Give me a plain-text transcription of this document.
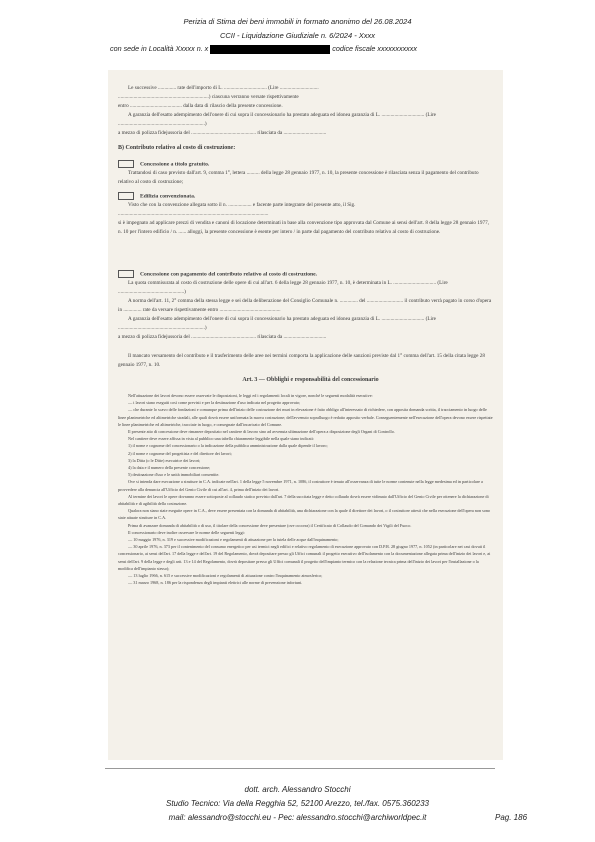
Perizia di Stima dei beni immobili in formato anonimo del 26.08.2024
CCII - Liquidazione Giudiziale n. 6/2024 - Xxxx
con sede in Località Xxxxx n. x	codice fiscale xxxxxxxxxxx

Le successive .............. rate dell'importo di L. ................................. (Lire ..............................

......................................................................) ciascuna verranno versate rispettivamente

entro ........................................ dalla data di rilascio della presente concessione.

A garanzia dell'esatto adempimento dell'onere di cui sopra il concessionario ha prestato adeguata ed idonea garanzia di L. ................................. (Lire ...................................................................)

a mezzo di polizza fidejussoria del .................................................. rilasciata da .................................

B) Contributo relativo al costo di costruzione:

Concessione a titolo gratuito.

Trattandosi di caso previsto dall'art. 9, comma 1°, lettera .......... della legge 28 gennaio 1977, n. 10, la presente concessione è rilasciata senza il pagamento del contributo relativo al costo di costruzione;

Edilizia convenzionata.

Visto che con la convenzione allegata sotto il n. .................. e facente parte integrante del presente atto, il Sig. ....................................................................................................................

si è impegnato ad applicare prezzi di vendita e canoni di locazione determinati in base alla convenzione tipo approvata dal Comune ai sensi dell'art. 8 della legge 28 gennaio 1977, n. 10 per l'intero edificio / n. ...... alloggi, la presente concessione è esente per intero / in parte dal pagamento del contributo relativo al costo di costruzione.

Concessione con pagamento del contributo relativo al costo di costruzione.

La quota commisurata al costo di costruzione delle opere di cui all'art. 6 della legge 28 gennaio 1977, n. 10, è determinata in L. ................................. (Lire ...................................................)

A norma dell'art. 11, 2° comma della stessa legge e sei della deliberazione del Consiglio Comunale n. .............. del ............................ il contributo verrà pagato in corso d'opera in .............. rate da versare rispettivamente entro ...............................................

A garanzia dell'esatto adempimento dell'onere di cui sopra il concessionario ha prestato adeguata ed idonea garanzia di L. ................................. (Lire ...................................................................)

a mezzo di polizza fidejussoria del .................................................. rilasciata da .................................

Il mancato versamento del contributo e il trasferimento delle aree nei termini comporta la applicazione delle sanzioni previste dal 1° comma dell'art. 15 della citata legge 28 gennaio 1977, n. 10.

Art. 3 — Obblighi e responsabilità del concessionario

Nell'attuazione dei lavori devono essere osservate le disposizioni, le leggi ed i regolamenti locali in vigore, nonché le seguenti modalità esecutive:

— i lavori siano eseguiti così come previsti e per la destinazione d'uso indicata nel progetto approvato;

— che durante lo scavo delle fondazioni e comunque prima dell'inizio delle costruzione dei muri in elevazione è fatto obbligo all'interessato di richiedere, con apposita domanda scritta, il tracciamento in luogo delle linee planimetriche ed altimetriche stradali, alle quali dovrà essere uniformata la nuova costruzione; dell'avvenuto sopralluogo è redatto apposito verbale. Conseguentemente nell'esecuzione dell'opera devono essere rispettate le linee planimetriche ed altimetriche, tracciate in luogo, e consegnate dall'incaricato del Comune.

Il presente atto di concessione deve rimanere depositato nel cantiere di lavoro sino ad avvenuta ultimazione dell'opera a disposizione degli Organi di Controllo.

Nel cantiere deve essere affissa in vista al pubblico una tabella chiaramente leggibile nella quale siano indicati:

1) il nome e cognome del concessionario o la indicazione della pubblica amministrazione dalla quale dipende il lavoro;

2) il nome e cognome del progettista e del direttore dei lavori;

3) la Ditta (o le Ditte) esecutrice dei lavori;

4) la data e il numero della presente concessione;

5) destinazione d'uso e le unità immobiliari consentite.

Ove si intenda dare esecuzione a strutture in C.A. indicate nell'art. 1 della legge 5 novembre 1971, n. 1086, il costruttore è tenuto all'osservanza di tutte le norme contenute nella legge medesima ed in particolare a provvedere alla denuncia all'Ufficio del Genio Civile di cui all'art. 4, prima dell'inizio dei lavori.

Al termine dei lavori le opere dovranno essere sottoposte al collaudo statico previsto dall'art. 7 della succitata legge e detto collaudo dovrà essere vidimato dall'Ufficio del Genio Civile per ottenere la dichiarazione di abitabilità e di agibilità della costruzione.

Qualora non siano state eseguite opere in C.A., deve essere presentata con la domanda di abitabilità, una dichiarazione con la quale il direttore dei lavori, o il costruttore attesti che nella esecuzione dell'opera non sono state attuate strutture in C.A.

Prima di avanzare domanda di abitabilità o di uso, il titolare della concessione deve presentare (ove occorra) il Certificato di Collaudo del Comando dei Vigili del Fuoco.

Il concessionario deve inoltre osservare le norme delle seguenti leggi:

— 10 maggio 1976, n. 319 e successive modificazioni e regolamenti di attuazione per la tutela delle acque dall'inquinamento;

— 30 aprile 1976, n. 373 per il contenimento del consumo energetico per usi termici negli edifici e relativo regolamento di esecuzione approvato con D.P.R. 28 giugno 1977, n. 1052 (in particolare nei casi dovuti il concessionario, ai sensi dell'art. 17 della legge e dell'art. 19 del Regolamento, dovrà depositare presso gli Uffici comunali il progetto esecutivo dell'isolamento con la documentazione allegata prima dell'inizio dei lavori e, ai sensi dell'art. 9 della legge e degli artt. 13 e 14 del Regolamento, dovrà depositare presso gli Uffici comunali il progetto dell'impianto termico con la relazione tecnica prima dell'inizio dei lavori per l'installazione o la modifica dell'impianto stesso);

— 13 luglio 1966, n. 615 e successive modificazioni e regolamenti di attuazione contro l'inquinamento atmosferico;

— 31 marzo 1968, n. 186 per la rispondenza degli impianti elettrici alle norme di prevenzione infortuni.

dott. arch. Alessandro Stocchi
Studio Tecnico: Via della Regghia 52, 52100 Arezzo, tel./fax. 0575.360233
mail: alessandro@stocchi.eu - Pec: alessandro.stocchi@archiworldpec.it	Pag. 186
